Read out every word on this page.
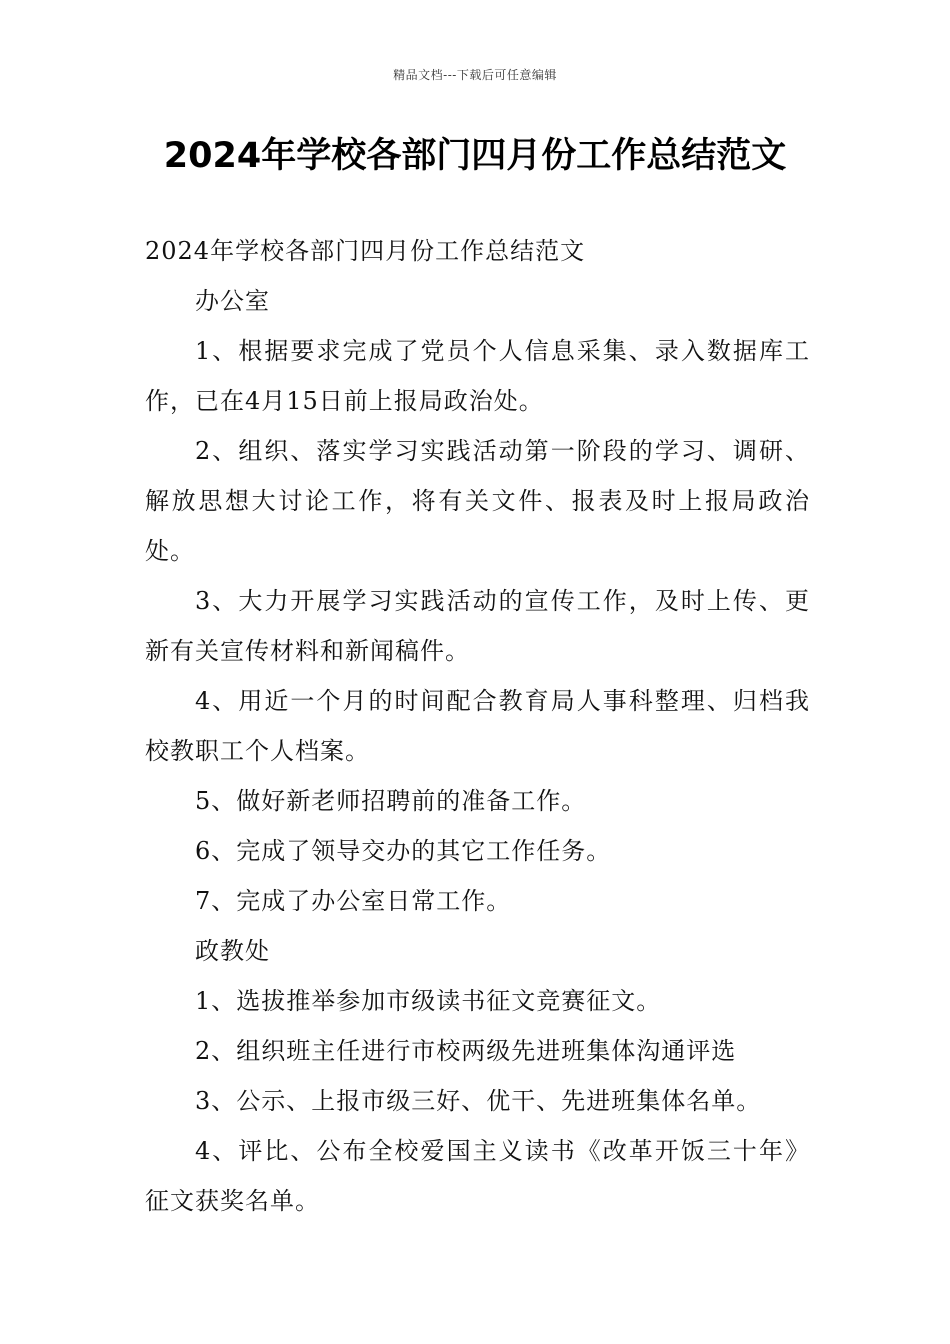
精品文档---下载后可任意编辑
2024年学校各部门四月份工作总结范文

2024年学校各部门四月份工作总结范文

办公室

1、根据要求完成了党员个人信息采集、录入数据库工作，已在4月15日前上报局政治处。

2、组织、落实学习实践活动第一阶段的学习、调研、解放思想大讨论工作，将有关文件、报表及时上报局政治处。

3、大力开展学习实践活动的宣传工作，及时上传、更新有关宣传材料和新闻稿件。

4、用近一个月的时间配合教育局人事科整理、归档我校教职工个人档案。

5、做好新老师招聘前的准备工作。

6、完成了领导交办的其它工作任务。

7、完成了办公室日常工作。

政教处

1、选拔推举参加市级读书征文竞赛征文。

2、组织班主任进行市校两级先进班集体沟通评选

3、公示、上报市级三好、优干、先进班集体名单。

4、评比、公布全校爱国主义读书《改革开饭三十年》征文获奖名单。
